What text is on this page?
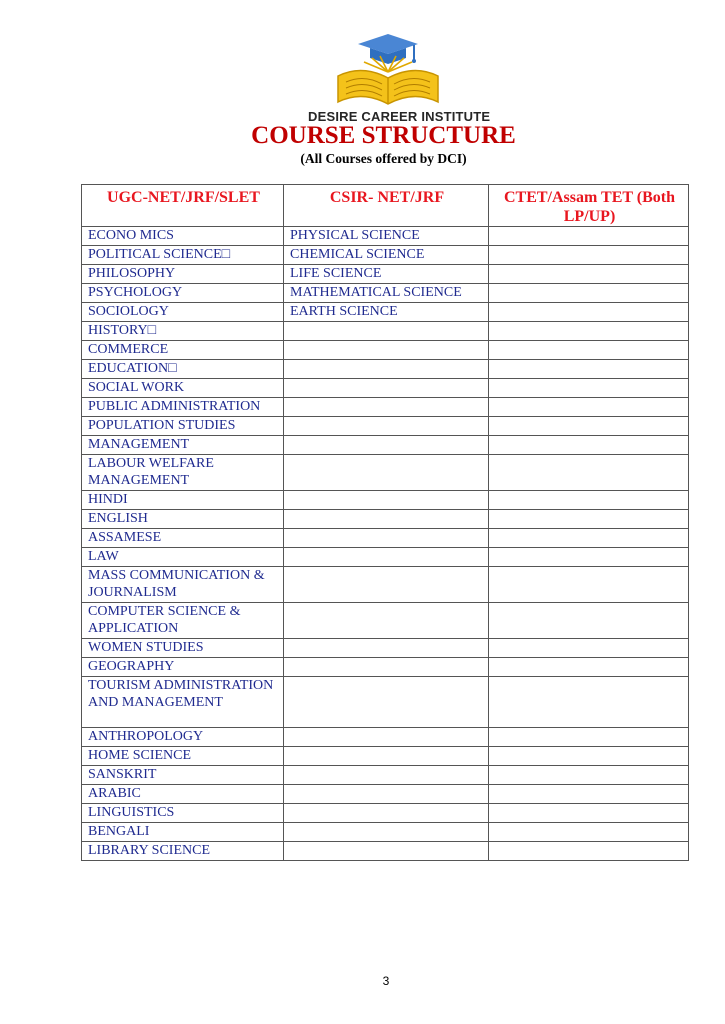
DESIRE CAREER INSTITUTE
COURSE STRUCTURE
(All Courses offered by DCI)
UGC-NET/JRF/SLET	CSIR- NET/JRF	CTET/Assam TET (Both LP/UP)
ECONO MICS	PHYSICAL SCIENCE	
POLITICAL SCIENCE□	CHEMICAL SCIENCE	
PHILOSOPHY	LIFE SCIENCE	
PSYCHOLOGY	MATHEMATICAL SCIENCE	
SOCIOLOGY	EARTH SCIENCE	
HISTORY□		
COMMERCE		
EDUCATION□		
SOCIAL WORK		
PUBLIC ADMINISTRATION		
POPULATION STUDIES		
MANAGEMENT		
LABOUR WELFARE MANAGEMENT		
HINDI		
ENGLISH		
ASSAMESE		
LAW		
MASS COMMUNICATION & JOURNALISM		
COMPUTER SCIENCE & APPLICATION		
WOMEN STUDIES		
GEOGRAPHY		
TOURISM ADMINISTRATION AND MANAGEMENT		
ANTHROPOLOGY		
HOME SCIENCE		
SANSKRIT		
ARABIC		
LINGUISTICS		
BENGALI		
LIBRARY SCIENCE		
3
